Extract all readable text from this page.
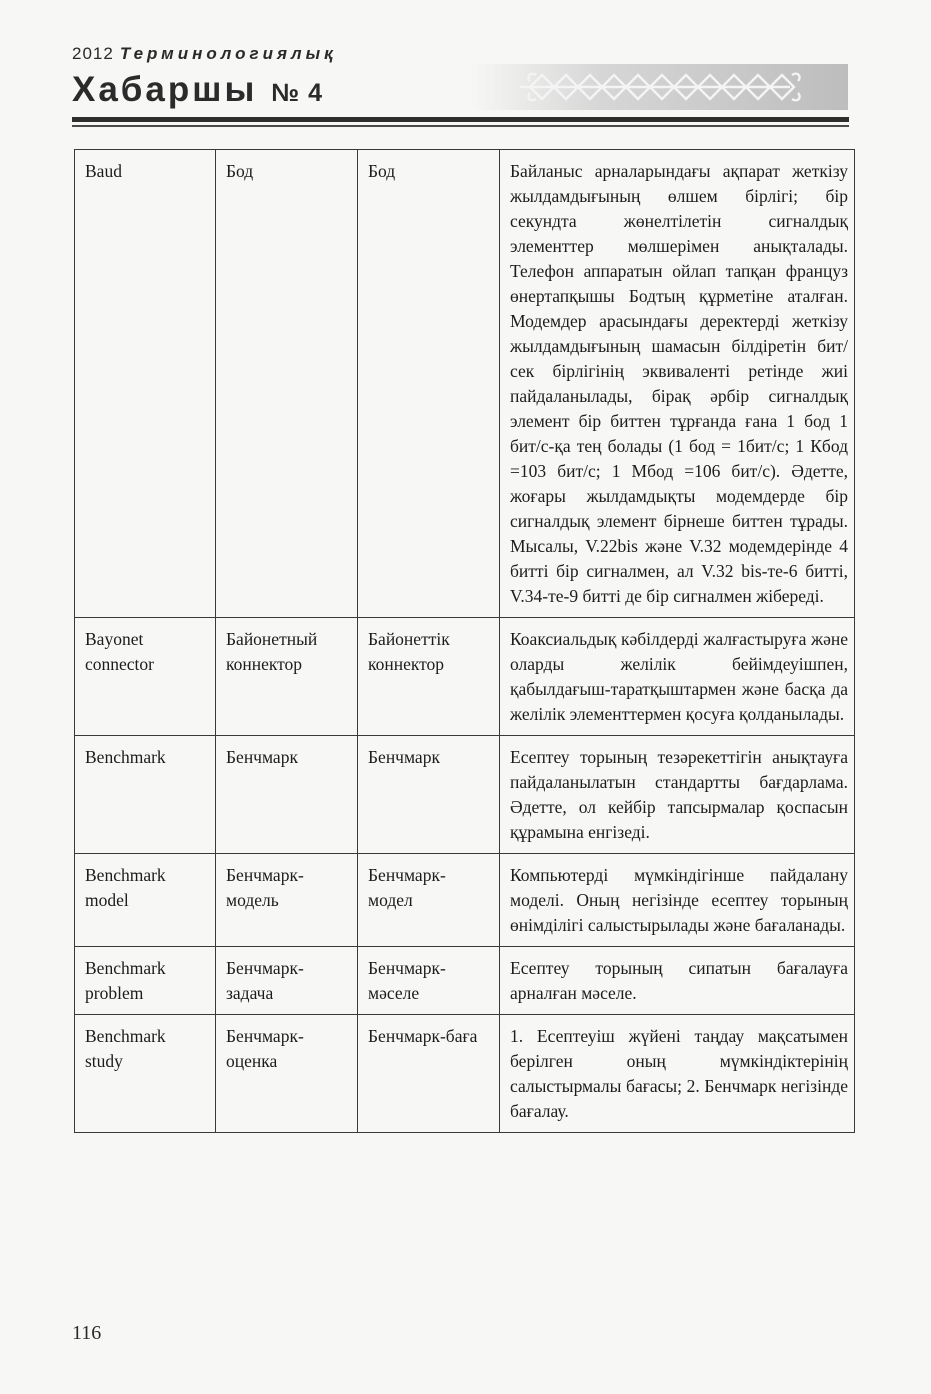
2012 Терминологиялық
Хабаршы № 4
Baud	Бод	Бод	Байланыс арналарындағы ақпарат жеткізу жылдамдығының өлшем бірлігі; бір секундта жөнелтілетін сигналдық элементтер мөлшерімен анықталады. Телефон аппаратын ойлап тапқан француз өнертапқышы Бодтың құрметіне аталған. Модемдер арасындағы деректерді жеткізу жылдамдығының шамасын білдіретін бит/сек бірлігінің эквиваленті ретінде жиі пайдаланылады, бірақ әрбір сигналдық элемент бір биттен тұрғанда ғана 1 бод 1 бит/с-қа тең болады (1 бод = 1бит/с; 1 Кбод =103 бит/с; 1 Мбод =106 бит/с). Әдетте, жоғары жылдамдықты модемдерде бір сигналдық элемент бірнеше биттен тұрады. Мысалы, V.22bis және V.32 модемдерінде 4 битті бір сигналмен, ал V.32 bis-те-6 битті, V.34-те-9 битті де бір сигналмен жібереді.
Bayonet connector	Байонетный коннектор	Байонеттік коннектор	Коаксиальдық кәбілдерді жалғастыруға және оларды желілік бейімдеуішпен, қабылдағыш-таратқыштармен және басқа да желілік элементтермен қосуға қолданылады.
Benchmark	Бенчмарк	Бенчмарк	Есептеу торының тезәрекеттігін анықтауға пайдаланылатын стандартты бағдарлама. Әдетте, ол кейбір тапсырмалар қоспасын құрамына енгізеді.
Benchmark model	Бенчмарк-модель	Бенчмарк-модел	Компьютерді мүмкіндігінше пайдалану моделі. Оның негізінде есептеу торының өнімділігі салыстырылады және бағаланады.
Benchmark problem	Бенчмарк-задача	Бенчмарк-мәселе	Есептеу торының сипатын бағалауға арналған мәселе.
Benchmark study	Бенчмарк-оценка	Бенчмарк-баға	1. Есептеуіш жүйені таңдау мақсатымен берілген оның мүмкіндіктерінің салыстырмалы бағасы; 2. Бенчмарк негізінде бағалау.
116
